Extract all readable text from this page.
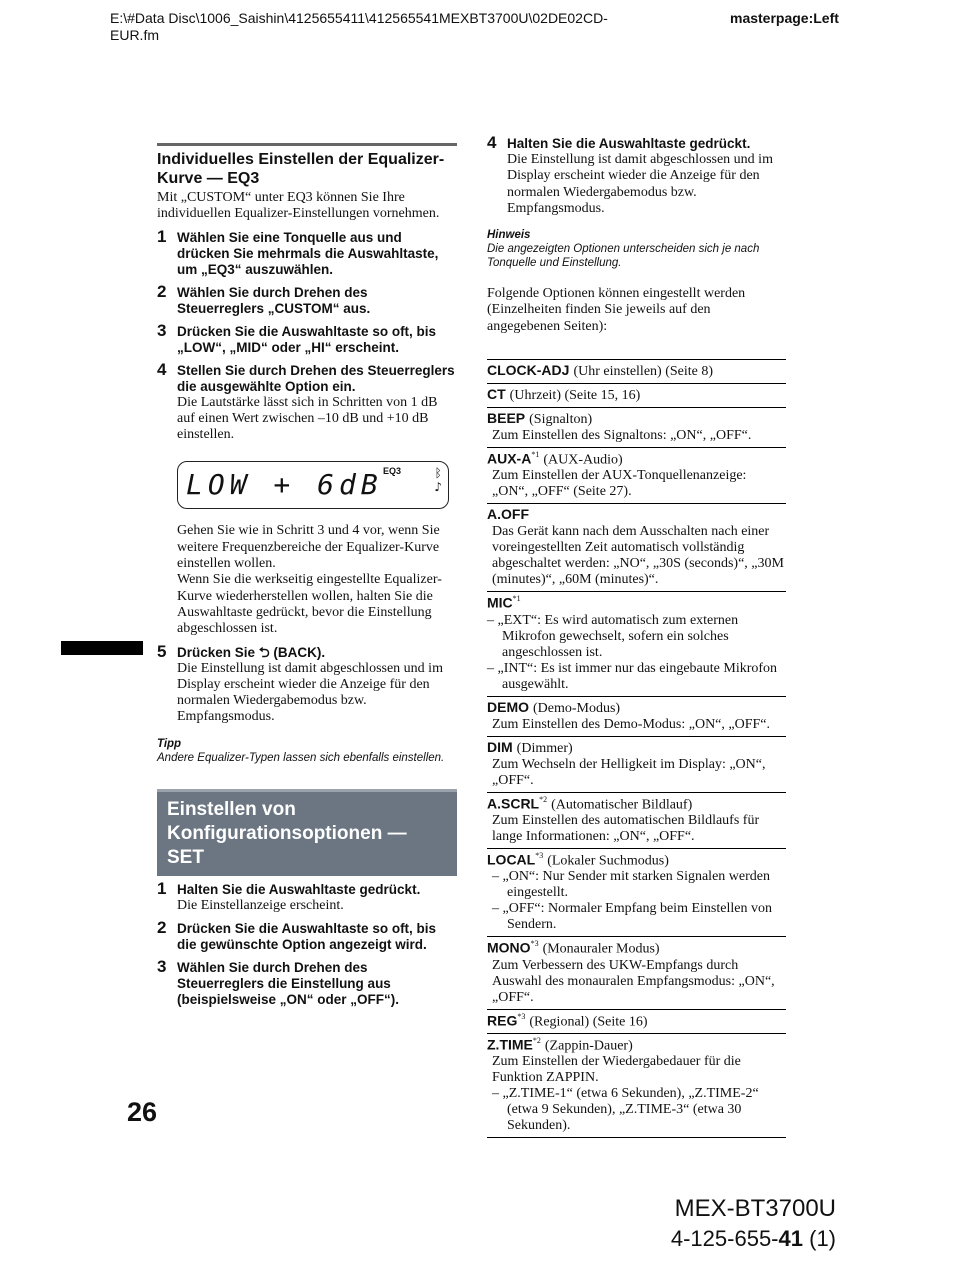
E:\#Data Disc\1006_Saishin\4125655411\412565541MEXBT3700U\02DE02CD-EUR.fm
masterpage:Left
Individuelles Einstellen der Equalizer-Kurve — EQ3

Mit „CUSTOM“ unter EQ3 können Sie Ihre individuellen Equalizer-Einstellungen vornehmen.

1 Wählen Sie eine Tonquelle aus und drücken Sie mehrmals die Auswahltaste, um „EQ3“ auszuwählen.
2 Wählen Sie durch Drehen des Steuerreglers „CUSTOM“ aus.
3 Drücken Sie die Auswahltaste so oft, bis „LOW“, „MID“ oder „HI“ erscheint.
4 Stellen Sie durch Drehen des Steuerreglers die ausgewählte Option ein.
Die Lautstärke lässt sich in Schritten von 1 dB auf einen Wert zwischen –10 dB und +10 dB einstellen.
LOW + 6dB EQ3	ᛒ
♪

Gehen Sie wie in Schritt 3 und 4 vor, wenn Sie weitere Frequenzbereiche der Equalizer-Kurve einstellen wollen.

Wenn Sie die werkseitig eingestellte Equalizer-Kurve wiederherstellen wollen, halten Sie die Auswahltaste gedrückt, bevor die Einstellung abgeschlossen ist.

5 Drücken Sie ⮌ (BACK).
Die Einstellung ist damit abgeschlossen und im Display erscheint wieder die Anzeige für den normalen Wiedergabemodus bzw. Empfangsmodus.
Tipp
Andere Equalizer-Typen lassen sich ebenfalls einstellen.
Einstellen von Konfigurationsoptionen — SET
1 Halten Sie die Auswahltaste gedrückt.
Die Einstellanzeige erscheint.
2 Drücken Sie die Auswahltaste so oft, bis die gewünschte Option angezeigt wird.
3 Wählen Sie durch Drehen des Steuerreglers die Einstellung aus (beispielsweise „ON“ oder „OFF“).
4 Halten Sie die Auswahltaste gedrückt.
Die Einstellung ist damit abgeschlossen und im Display erscheint wieder die Anzeige für den normalen Wiedergabemodus bzw. Empfangsmodus.
Hinweis
Die angezeigten Optionen unterscheiden sich je nach Tonquelle und Einstellung.

Folgende Optionen können eingestellt werden (Einzelheiten finden Sie jeweils auf den angegebenen Seiten):

CLOCK-ADJ (Uhr einstellen) (Seite 8)
CT (Uhrzeit) (Seite 15, 16)
BEEP (Signalton)
Zum Einstellen des Signaltons: „ON“, „OFF“.
AUX-$A^{*1}$ (AUX-Audio)
Zum Einstellen der AUX-Tonquellenanzeige: „ON“, „OFF“ (Seite 27).
A.OFF
Das Gerät kann nach dem Ausschalten nach einer voreingestellten Zeit automatisch vollständig abgeschaltet werden: „NO“, „30S (seconds)“, „30M (minutes)“, „60M (minutes)“.
MIC$^{*1}$
– „EXT“: Es wird automatisch zum externen Mikrofon gewechselt, sofern ein solches angeschlossen ist.
– „INT“: Es ist immer nur das eingebaute Mikrofon ausgewählt.
DEMO (Demo-Modus)
Zum Einstellen des Demo-Modus: „ON“, „OFF“.
DIM (Dimmer)
Zum Wechseln der Helligkeit im Display: „ON“, „OFF“.
A.SCRL$^{*2}$ (Automatischer Bildlauf)
Zum Einstellen des automatischen Bildlaufs für lange Informationen: „ON“, „OFF“.
LOCAL$^{*3}$ (Lokaler Suchmodus)
– „ON“: Nur Sender mit starken Signalen werden eingestellt.
– „OFF“: Normaler Empfang beim Einstellen von Sendern.
MONO$^{*3}$ (Monauraler Modus)
Zum Verbessern des UKW-Empfangs durch Auswahl des monauralen Empfangsmodus: „ON“, „OFF“.
REG$^{*3}$ (Regional) (Seite 16)
Z.TIME$^{*2}$ (Zappin-Dauer)
Zum Einstellen der Wiedergabedauer für die Funktion ZAPPIN.
– „Z.TIME-1“ (etwa 6 Sekunden), „Z.TIME-2“ (etwa 9 Sekunden), „Z.TIME-3“ (etwa 30 Sekunden).
26
MEX-BT3700U
4-125-655-41 (1)
